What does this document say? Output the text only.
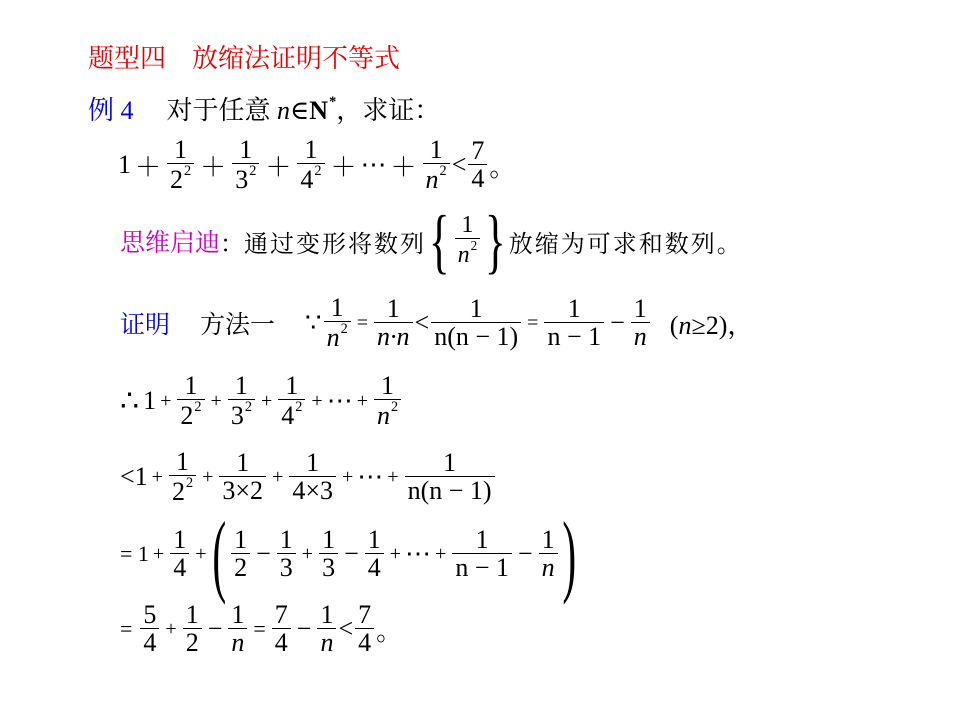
题型四　放缩法证明不等式
例 4 对于任意 n∈N*，求证：
1 ＋
1
$2^2$ ＋
1
$3^2$ ＋
1
$4^2$ ＋ ⋯ ＋
1
$n^2 < 7$
4 。
思维启迪 ： 通过变形将数列 { 1
$n^2$ } 放缩为可求和数列。
证明 方法一 ∵ $\frac{1}{n^2} = \frac{1}{n\cdot n} < \frac{1}{n(n - 1)} = \frac{1}{n - 1} - \frac{1}{n} (n\ge 2)$，
∴ $1 + \frac{1}{2^2} + \frac{1}{3^2} + \frac{1}{4^2}$ + ⋯ + $\frac{1}{n^2}$
$<1 + \frac{1}{2^2} + \frac{1}{3\times 2} + \frac{1}{4\times 3}$ + ⋯ + $\frac{1}{n(n - 1)}$
= $1 + \frac{1}{4}$ + ( 1
$2 - \frac{1}{3} + \frac{1}{3} - \frac{1}{4}$ + ⋯ + $\frac{1}{n - 1} - \frac{1}{n}$ )
= 5
$4 + \frac{1}{2} - \frac{1}{n} = \frac{7}{4} - \frac{1}{n} < 7$
4 。
